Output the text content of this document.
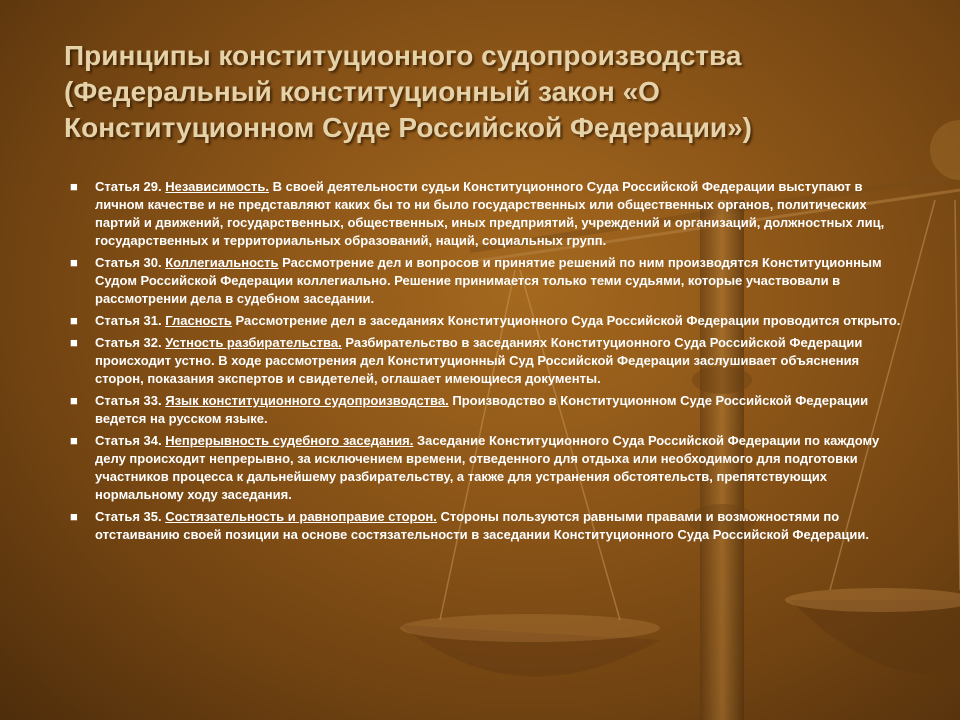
Принципы конституционного судопроизводства
(Федеральный конституционный закон «О
Конституционном Суде Российской Федерации»)
■ Статья 29. Независимость. В своей деятельности судьи Конституционного Суда Российской Федерации выступают в личном качестве и не представляют каких бы то ни было государственных или общественных органов, политических партий и движений, государственных, общественных, иных предприятий, учреждений и организаций, должностных лиц, государственных и территориальных образований, наций, социальных групп.
■ Статья 30. Коллегиальность Рассмотрение дел и вопросов и принятие решений по ним производятся Конституционным Судом Российской Федерации коллегиально. Решение принимается только теми судьями, которые участвовали в рассмотрении дела в судебном заседании.
■ Статья 31. Гласность Рассмотрение дел в заседаниях Конституционного Суда Российской Федерации проводится открыто.
■ Статья 32. Устность разбирательства. Разбирательство в заседаниях Конституционного Суда Российской Федерации происходит устно. В ходе рассмотрения дел Конституционный Суд Российской Федерации заслушивает объяснения сторон, показания экспертов и свидетелей, оглашает имеющиеся документы.
■ Статья 33. Язык конституционного судопроизводства. Производство в Конституционном Суде Российской Федерации ведется на русском языке.
■ Статья 34. Непрерывность судебного заседания. Заседание Конституционного Суда Российской Федерации по каждому делу происходит непрерывно, за исключением времени, отведенного для отдыха или необходимого для подготовки участников процесса к дальнейшему разбирательству, а также для устранения обстоятельств, препятствующих нормальному ходу заседания.
■ Статья 35. Состязательность и равноправие сторон. Стороны пользуются равными правами и возможностями по отстаиванию своей позиции на основе состязательности в заседании Конституционного Суда Российской Федерации.
